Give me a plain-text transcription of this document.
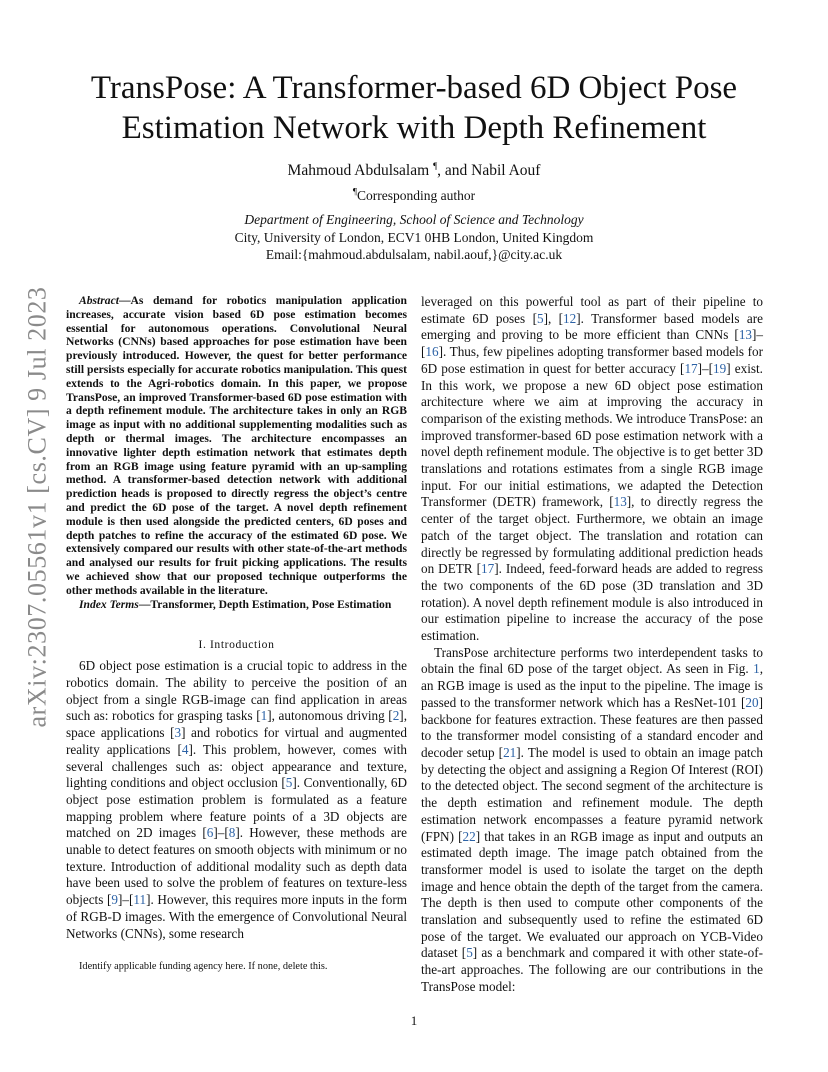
arXiv:2307.05561v1 [cs.CV] 9 Jul 2023
TransPose: A Transformer-based 6D Object Pose Estimation Network with Depth Refinement
Mahmoud Abdulsalam ¶, and Nabil Aouf
¶Corresponding author
Department of Engineering, School of Science and Technology
City, University of London, ECV1 0HB London, United Kingdom
Email:{mahmoud.abdulsalam, nabil.aouf,}@city.ac.uk

Abstract—As demand for robotics manipulation application increases, accurate vision based 6D pose estimation becomes essential for autonomous operations. Convolutional Neural Networks (CNNs) based approaches for pose estimation have been previously introduced. However, the quest for better performance still persists especially for accurate robotics manipulation. This quest extends to the Agri-robotics domain. In this paper, we propose TransPose, an improved Transformer-based 6D pose estimation with a depth refinement module. The architecture takes in only an RGB image as input with no additional supplementing modalities such as depth or thermal images. The architecture encompasses an innovative lighter depth estimation network that estimates depth from an RGB image using feature pyramid with an up-sampling method. A transformer-based detection network with additional prediction heads is proposed to directly regress the object’s centre and predict the 6D pose of the target. A novel depth refinement module is then used alongside the predicted centers, 6D poses and depth patches to refine the accuracy of the estimated 6D pose. We extensively compared our results with other state-of-the-art methods and analysed our results for fruit picking applications. The results we achieved show that our proposed technique outperforms the other methods available in the literature.

Index Terms—Transformer, Depth Estimation, Pose Estimation

I. Introduction

6D object pose estimation is a crucial topic to address in the robotics domain. The ability to perceive the position of an object from a single RGB-image can find application in areas such as: robotics for grasping tasks [1], autonomous driving [2], space applications [3] and robotics for virtual and augmented reality applications [4]. This problem, however, comes with several challenges such as: object appearance and texture, lighting conditions and object occlusion [5]. Conventionally, 6D object pose estimation problem is formulated as a feature mapping problem where feature points of a 3D objects are matched on 2D images [6]–[8]. However, these methods are unable to detect features on smooth objects with minimum or no texture. Introduction of additional modality such as depth data have been used to solve the problem of features on texture-less objects [9]–[11]. However, this requires more inputs in the form of RGB-D images. With the emergence of Convolutional Neural Networks (CNNs), some research

leveraged on this powerful tool as part of their pipeline to estimate 6D poses [5], [12]. Transformer based models are emerging and proving to be more efficient than CNNs [13]–[16]. Thus, few pipelines adopting transformer based models for 6D pose estimation in quest for better accuracy [17]–[19] exist. In this work, we propose a new 6D object pose estimation architecture where we aim at improving the accuracy in comparison of the existing methods. We introduce TransPose: an improved transformer-based 6D pose estimation network with a novel depth refinement module. The objective is to get better 3D translations and rotations estimates from a single RGB image input. For our initial estimations, we adapted the Detection Transformer (DETR) framework, [13], to directly regress the center of the target object. Furthermore, we obtain an image patch of the target object. The translation and rotation can directly be regressed by formulating additional prediction heads on DETR [17]. Indeed, feed-forward heads are added to regress the two components of the 6D pose (3D translation and 3D rotation). A novel depth refinement module is also introduced in our estimation pipeline to increase the accuracy of the pose estimation.

TransPose architecture performs two interdependent tasks to obtain the final 6D pose of the target object. As seen in Fig. 1, an RGB image is used as the input to the pipeline. The image is passed to the transformer network which has a ResNet-101 [20] backbone for features extraction. These features are then passed to the transformer model consisting of a standard encoder and decoder setup [21]. The model is used to obtain an image patch by detecting the object and assigning a Region Of Interest (ROI) to the detected object. The second segment of the architecture is the depth estimation and refinement module. The depth estimation network encompasses a feature pyramid network (FPN) [22] that takes in an RGB image as input and outputs an estimated depth image. The image patch obtained from the transformer model is used to isolate the target on the depth image and hence obtain the depth of the target from the camera. The depth is then used to compute other components of the translation and subsequently used to refine the estimated 6D pose of the target. We evaluated our approach on YCB-Video dataset [5] as a benchmark and compared it with other state-of-the-art approaches. The following are our contributions in the TransPose model:

Identify applicable funding agency here. If none, delete this.
1
